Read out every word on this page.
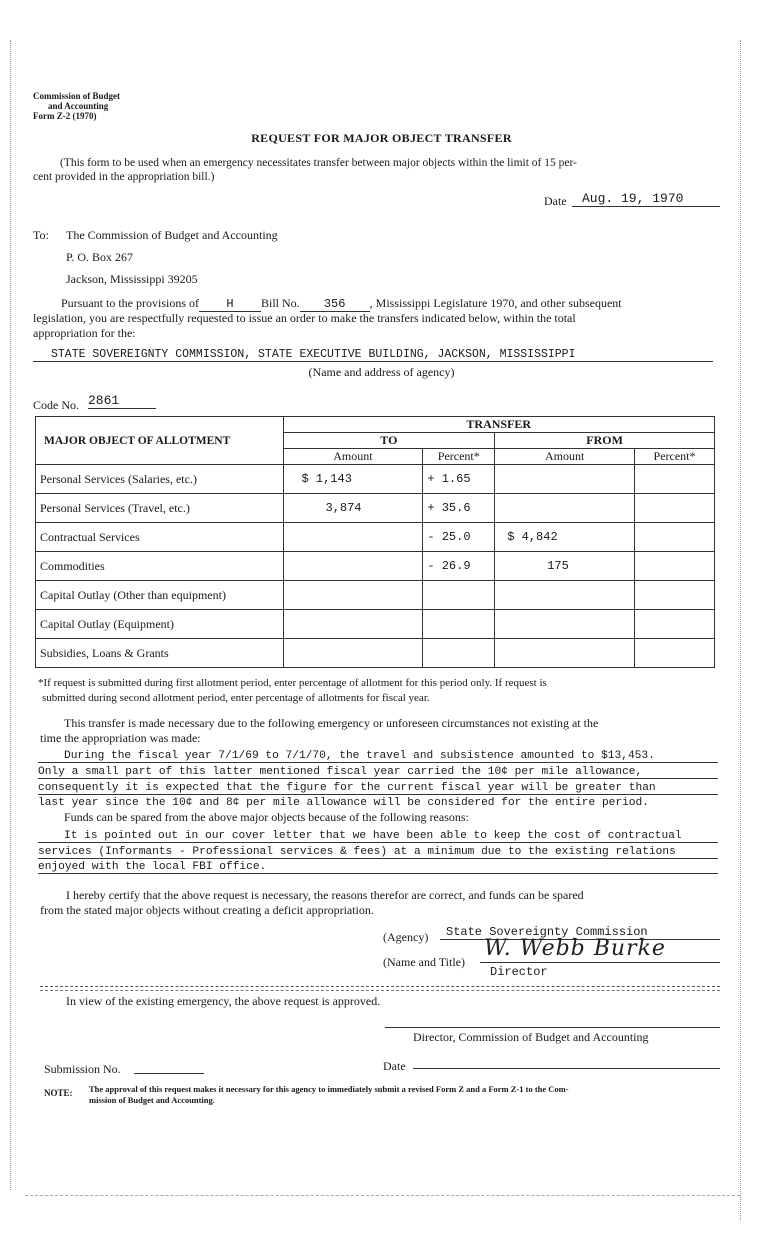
Commission of Budget
and Accounting
Form Z-2 (1970)
REQUEST FOR MAJOR OBJECT TRANSFER
(This form to be used when an emergency necessitates transfer between major objects within the limit of 15 per-
cent provided in the appropriation bill.)
Date	Aug. 19, 1970
To: The Commission of Budget and Accounting
P. O. Box 267
Jackson, Mississippi 39205
Pursuant to the provisions of H Bill No. 356 , Mississippi Legislature 1970, and other subsequent
legislation, you are respectfully requested to issue an order to make the transfers indicated below, within the total
appropriation for the:
STATE SOVEREIGNTY COMMISSION, STATE EXECUTIVE BUILDING, JACKSON, MISSISSIPPI
(Name and address of agency)
Code No. 2861
MAJOR OBJECT OF ALLOTMENT	TRANSFER			
	TO		FROM	
	Amount	Percent*	Amount	Percent*
Personal Services (Salaries, etc.)	$ 1,143	+ 1.65		
Personal Services (Travel, etc.)	3,874	+ 35.6		
Contractual Services		- 25.0	$ 4,842	
Commodities		- 26.9	175	
Capital Outlay (Other than equipment)				
Capital Outlay (Equipment)				
Subsidies, Loans & Grants				
*If request is submitted during first allotment period, enter percentage of allotment for this period only. If request is
submitted during second allotment period, enter percentage of allotments for fiscal year.
This transfer is made necessary due to the following emergency or unforeseen circumstances not existing at the
time the appropriation was made:
During the fiscal year 7/1/69 to 7/1/70, the travel and subsistence amounted to $13,453.
Only a small part of this latter mentioned fiscal year carried the 10¢ per mile allowance,
consequently it is expected that the figure for the current fiscal year will be greater than
last year since the 10¢ and 8¢ per mile allowance will be considered for the entire period.
Funds can be spared from the above major objects because of the following reasons:
It is pointed out in our cover letter that we have been able to keep the cost of contractual
services (Informants - Professional services & fees) at a minimum due to the existing relations
enjoyed with the local FBI office.
I hereby certify that the above request is necessary, the reasons therefor are correct, and funds can be spared
from the stated major objects without creating a deficit appropriation.
(Agency)	State Sovereignty Commission
(Name and Title)
W. Webb Burke
Director
In view of the existing emergency, the above request is approved.
Director, Commission of Budget and Accounting
Submission No.	Date
NOTE: The approval of this request makes it necessary for this agency to immediately submit a revised Form Z and a Form Z-1 to the Com-
mission of Budget and Accounting.
